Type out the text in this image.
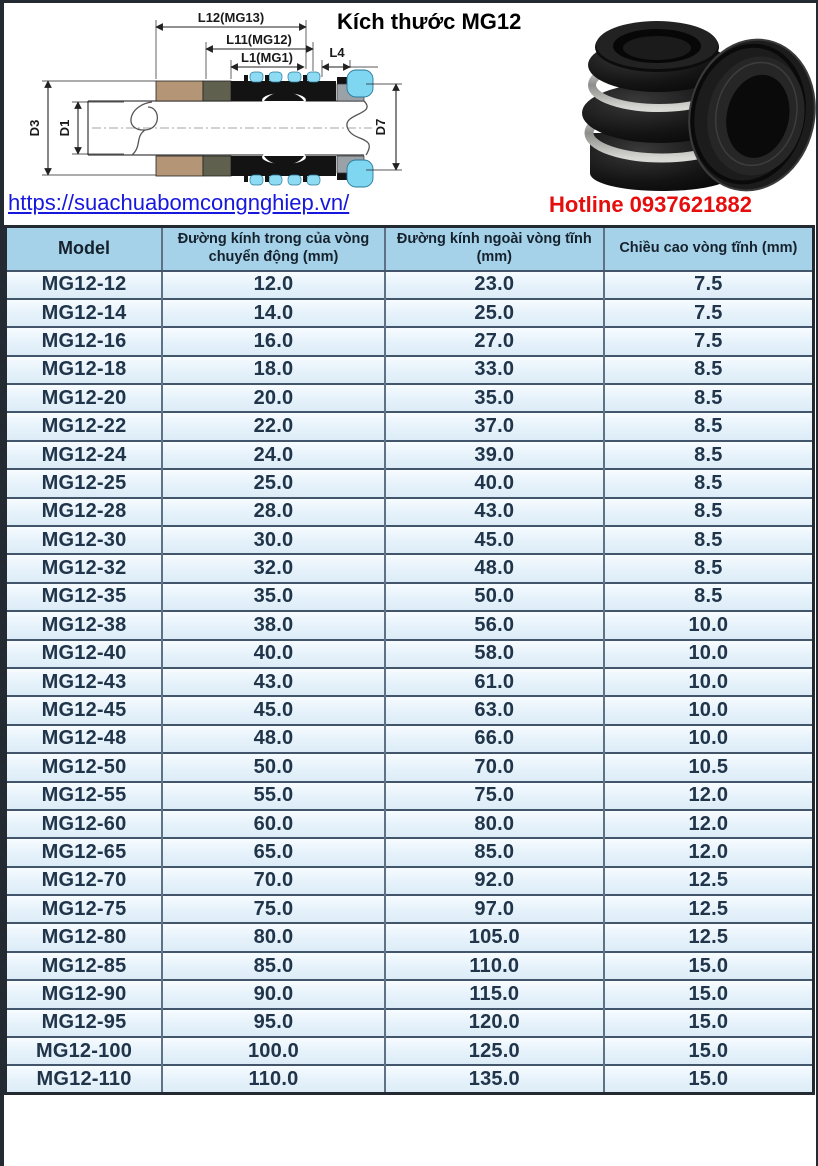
L12(MG13)
L11(MG12)
L1(MG1)	L4
D3 D1	D7
Kích thước MG12
https://suachuabomcongnghiep.vn/	Hotline 0937621882
Model	Đường kính trong của vòng chuyển động (mm)	Đường kính ngoài vòng tĩnh (mm)	Chiều cao vòng tĩnh (mm)
MG12-12	12.0	23.0	7.5
MG12-14	14.0	25.0	7.5
MG12-16	16.0	27.0	7.5
MG12-18	18.0	33.0	8.5
MG12-20	20.0	35.0	8.5
MG12-22	22.0	37.0	8.5
MG12-24	24.0	39.0	8.5
MG12-25	25.0	40.0	8.5
MG12-28	28.0	43.0	8.5
MG12-30	30.0	45.0	8.5
MG12-32	32.0	48.0	8.5
MG12-35	35.0	50.0	8.5
MG12-38	38.0	56.0	10.0
MG12-40	40.0	58.0	10.0
MG12-43	43.0	61.0	10.0
MG12-45	45.0	63.0	10.0
MG12-48	48.0	66.0	10.0
MG12-50	50.0	70.0	10.5
MG12-55	55.0	75.0	12.0
MG12-60	60.0	80.0	12.0
MG12-65	65.0	85.0	12.0
MG12-70	70.0	92.0	12.5
MG12-75	75.0	97.0	12.5
MG12-80	80.0	105.0	12.5
MG12-85	85.0	110.0	15.0
MG12-90	90.0	115.0	15.0
MG12-95	95.0	120.0	15.0
MG12-100	100.0	125.0	15.0
MG12-110	110.0	135.0	15.0
